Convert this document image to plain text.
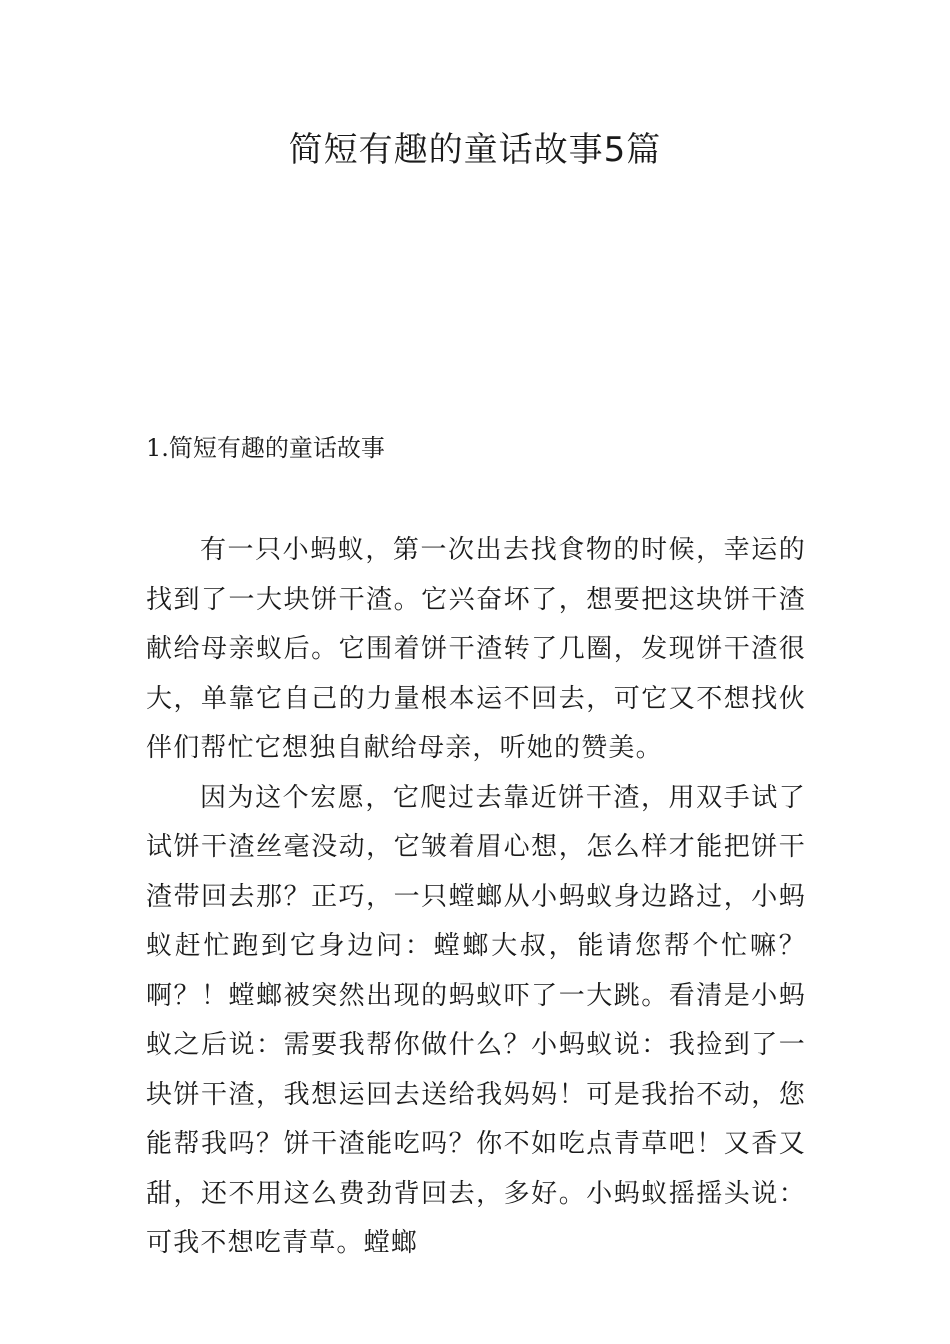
简短有趣的童话故事5篇
1.简短有趣的童话故事

有一只小蚂蚁，第一次出去找食物的时候，幸运的找到了一大块饼干渣。它兴奋坏了，想要把这块饼干渣献给母亲蚁后。它围着饼干渣转了几圈，发现饼干渣很大，单靠它自己的力量根本运不回去，可它又不想找伙伴们帮忙它想独自献给母亲，听她的赞美。

因为这个宏愿，它爬过去靠近饼干渣，用双手试了试饼干渣丝毫没动，它皱着眉心想，怎么样才能把饼干渣带回去那？正巧，一只螳螂从小蚂蚁身边路过，小蚂蚁赶忙跑到它身边问：螳螂大叔，能请您帮个忙嘛？啊？！螳螂被突然出现的蚂蚁吓了一大跳。看清是小蚂蚁之后说：需要我帮你做什么？小蚂蚁说：我捡到了一块饼干渣，我想运回去送给我妈妈！可是我抬不动，您能帮我吗？饼干渣能吃吗？你不如吃点青草吧！又香又甜，还不用这么费劲背回去，多好。小蚂蚁摇摇头说：可我不想吃青草。螳螂
